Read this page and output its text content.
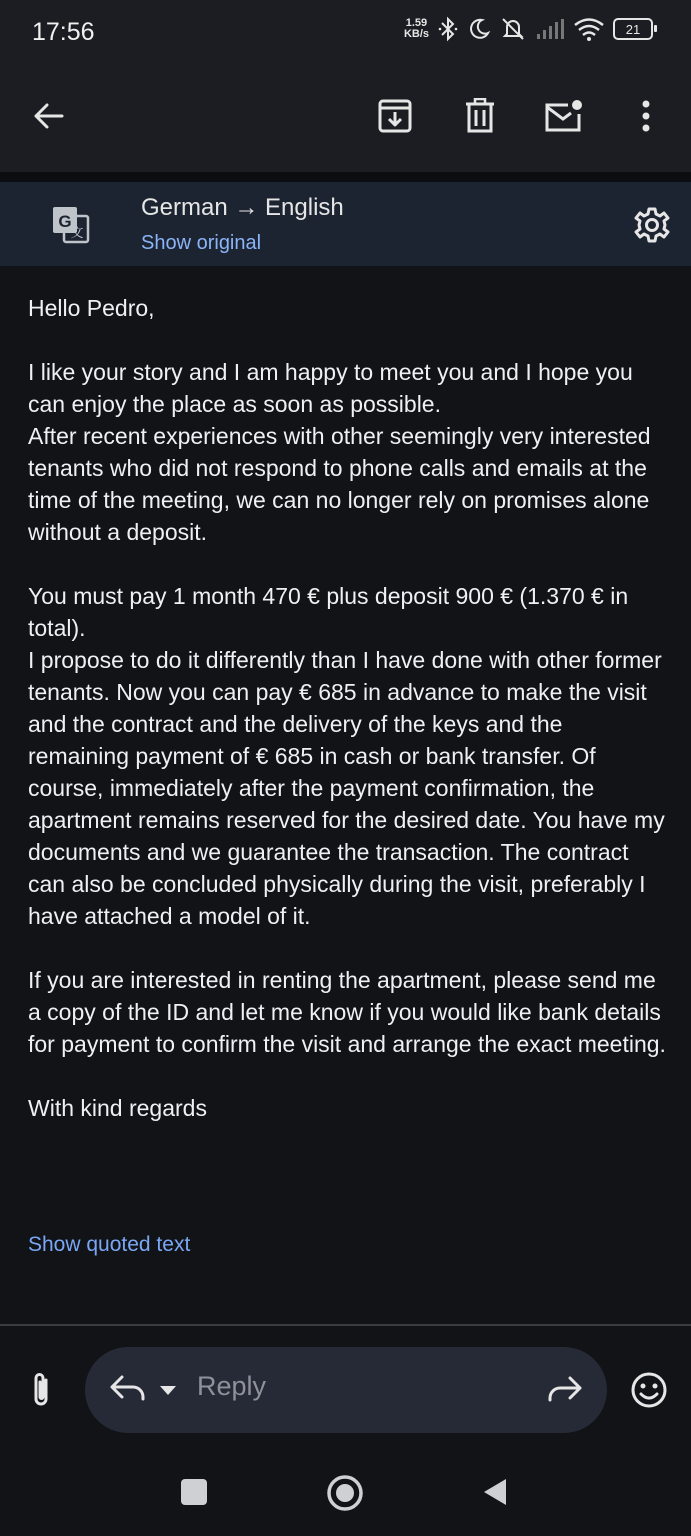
17:56	1.59
KB/s	21
G
文
German → English
Show original

Hello Pedro,

I like your story and I am happy to meet you and I hope you can enjoy the place as soon as possible.

After recent experiences with other seemingly very interested tenants who did not respond to phone calls and emails at the time of the meeting, we can no longer rely on promises alone without a deposit.

You must pay 1 month 470 € plus deposit 900 € (1.370 € in total).

I propose to do it differently than I have done with other former tenants. Now you can pay € 685 in advance to make the visit and the contract and the delivery of the keys and the remaining payment of € 685 in cash or bank transfer. Of course, immediately after the payment confirmation, the apartment remains reserved for the desired date. You have my documents and we guarantee the transaction. The contract can also be concluded physically during the visit, preferably I have attached a model of it.

If you are interested in renting the apartment, please send me a copy of the ID and let me know if you would like bank details for payment to confirm the visit and arrange the exact meeting.

With kind regards

Show quoted text
Reply
